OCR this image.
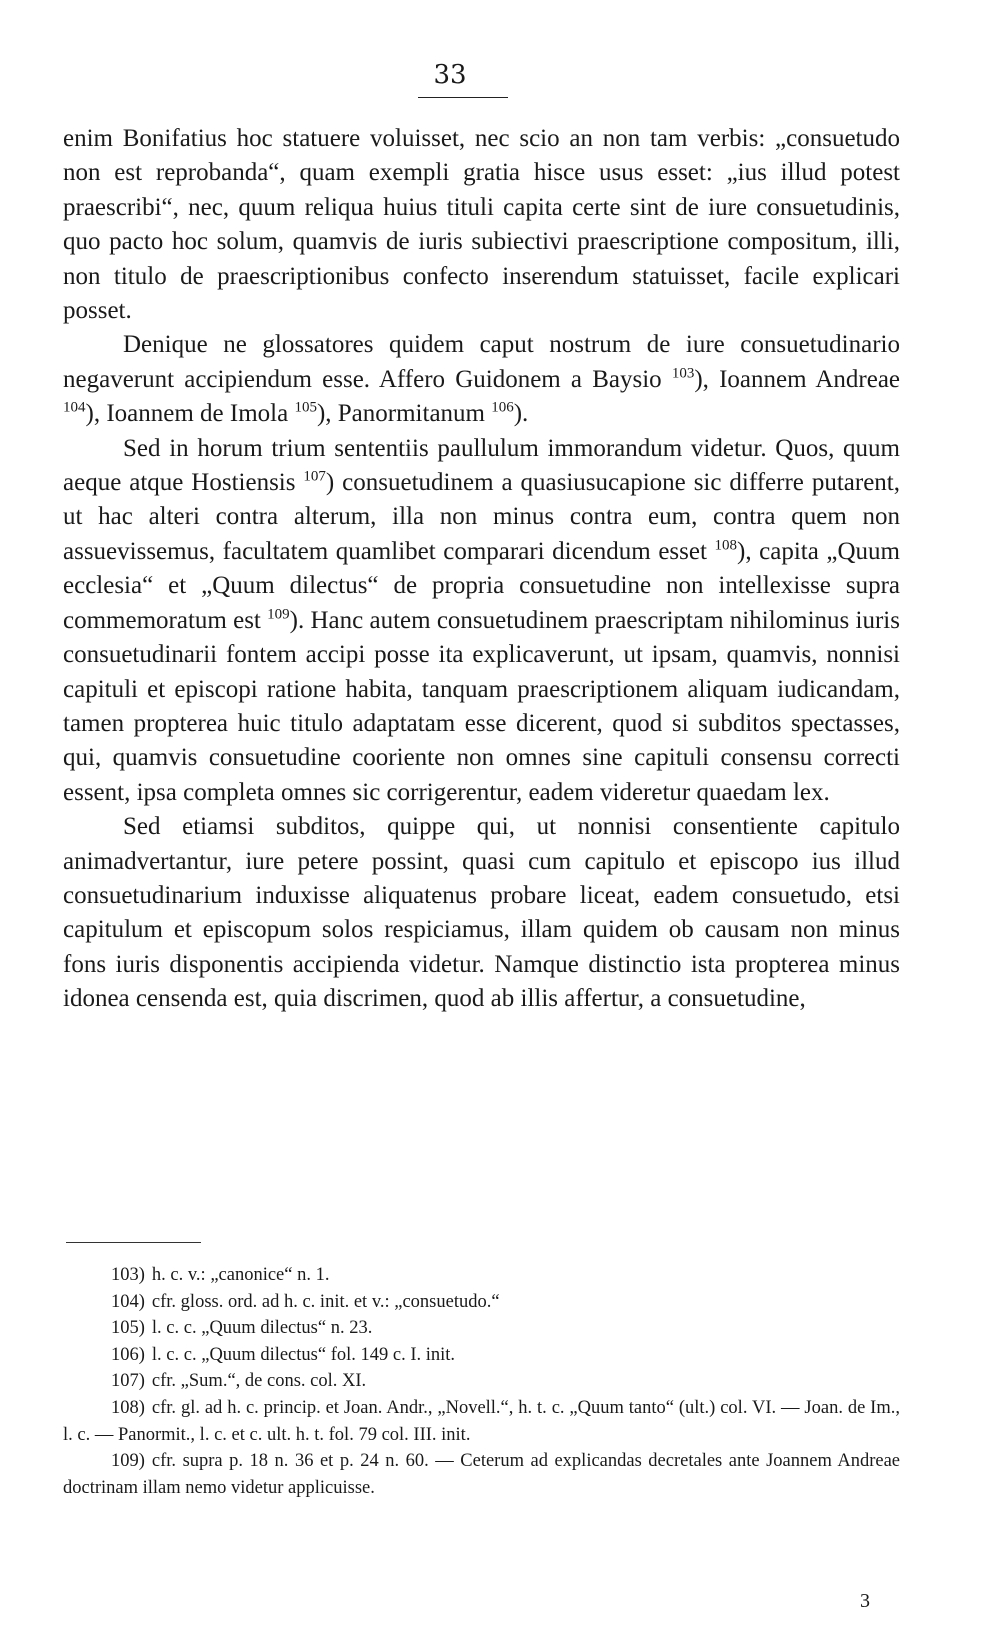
33

enim Bonifatius hoc statuere voluisset, nec scio an non tam verbis: „consuetudo non est reprobanda“, quam exempli gratia hisce usus esset: „ius illud potest praescribi“, nec, quum reliqua huius tituli capita certe sint de iure consuetudinis, quo pacto hoc solum, quamvis de iuris subiectivi praescriptione compositum, illi, non titulo de praescriptionibus confecto inserendum statuisset, facile explicari posset.

Denique ne glossatores quidem caput nostrum de iure consuetudinario negaverunt accipiendum esse. Affero Guidonem a Baysio $^{103}$), Ioannem Andreae $^{104}$), Ioannem de Imola $^{105}$), Panormitanum $^{106}$).

Sed in horum trium sententiis paullulum immorandum videtur. Quos, quum aeque atque Hostiensis $^{107}$) consuetudinem a quasiusucapione sic differre putarent, ut hac alteri contra alterum, illa non minus contra eum, contra quem non assuevissemus, facultatem quamlibet comparari dicendum esset $^{108}$), capita „Quum ecclesia“ et „Quum dilectus“ de propria consuetudine non intellexisse supra commemoratum est $^{109}$). Hanc autem consuetudinem praescriptam nihilominus iuris consuetudinarii fontem accipi posse ita explicaverunt, ut ipsam, quamvis, nonnisi capituli et episcopi ratione habita, tanquam praescriptionem aliquam iudicandam, tamen propterea huic titulo adaptatam esse dicerent, quod si subditos spectasses, qui, quamvis consuetudine cooriente non omnes sine capituli consensu correcti essent, ipsa completa omnes sic corrigerentur, eadem videretur quaedam lex.

Sed etiamsi subditos, quippe qui, ut nonnisi consentiente capitulo animadvertantur, iure petere possint, quasi cum capitulo et episcopo ius illud consuetudinarium induxisse aliquatenus probare liceat, eadem consuetudo, etsi capitulum et episcopum solos respiciamus, illam quidem ob causam non minus fons iuris disponentis accipienda videtur. Namque distinctio ista propterea minus idonea censenda est, quia discrimen, quod ab illis affertur, a consuetudine,

103) h. c. v.: „canonice“ n. 1.

104) cfr. gloss. ord. ad h. c. init. et v.: „consuetudo.“

105) l. c. c. „Quum dilectus“ n. 23.

106) l. c. c. „Quum dilectus“ fol. 149 c. I. init.

107) cfr. „Sum.“, de cons. col. XI.

108) cfr. gl. ad h. c. princip. et Joan. Andr., „Novell.“, h. t. c. „Quum tanto“ (ult.) col. VI. — Joan. de Im., l. c. — Panormit., l. c. et c. ult. h. t. fol. 79 col. III. init.

109) cfr. supra p. 18 n. 36 et p. 24 n. 60. — Ceterum ad explicandas decretales ante Joannem Andreae doctrinam illam nemo videtur applicuisse.

3
